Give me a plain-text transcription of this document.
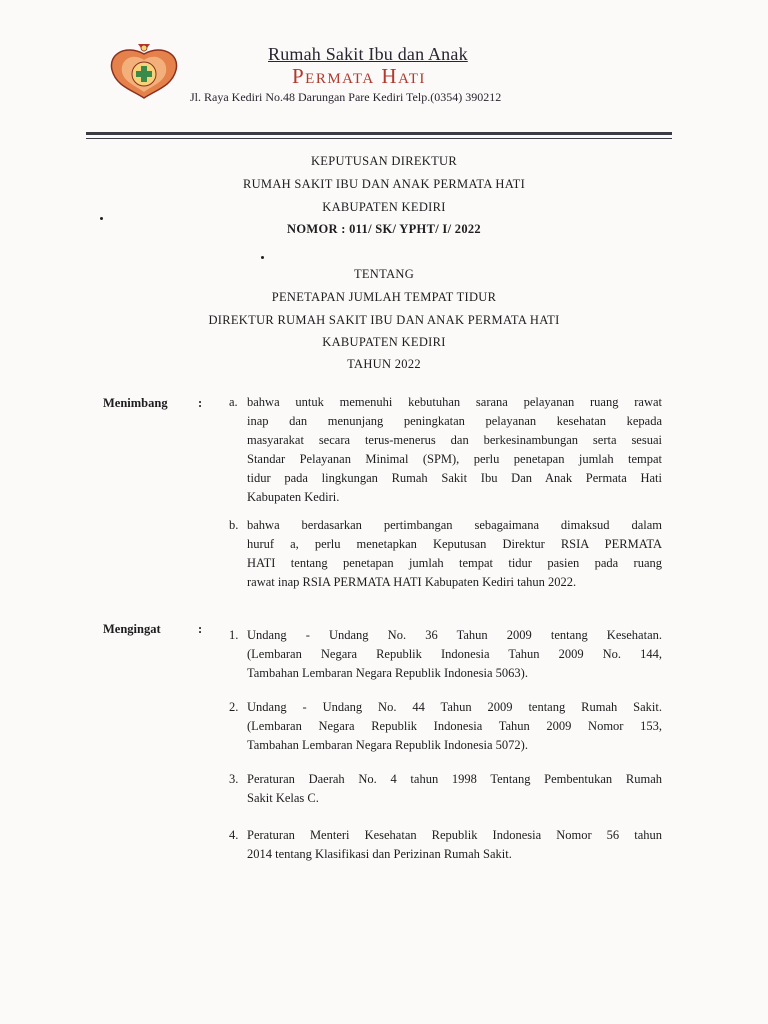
Rumah Sakit Ibu dan Anak
Permata Hati
Jl. Raya Kediri No.48 Darungan Pare Kediri Telp.(0354) 390212
KEPUTUSAN DIREKTUR
RUMAH SAKIT IBU DAN ANAK PERMATA HATI
KABUPATEN KEDIRI
NOMOR : 011/ SK/ YPHT/ I/ 2022
TENTANG
PENETAPAN JUMLAH TEMPAT TIDUR
DIREKTUR RUMAH SAKIT IBU DAN ANAK PERMATA HATI
KABUPATEN KEDIRI
TAHUN 2022
Menimbang : a. bahwa untuk memenuhi kebutuhan sarana pelayanan ruang rawat
inap dan menunjang peningkatan pelayanan kesehatan kepada
masyarakat secara terus-menerus dan berkesinambungan serta sesuai
Standar Pelayanan Minimal (SPM), perlu penetapan jumlah tempat
tidur pada lingkungan Rumah Sakit Ibu Dan Anak Permata Hati
Kabupaten Kediri.
b. bahwa berdasarkan pertimbangan sebagaimana dimaksud dalam
huruf a, perlu menetapkan Keputusan Direktur RSIA PERMATA
HATI tentang penetapan jumlah tempat tidur pasien pada ruang
rawat inap RSIA PERMATA HATI Kabupaten Kediri tahun 2022.
Mengingat	: 1. Undang - Undang No. 36 Tahun 2009 tentang Kesehatan.
(Lembaran Negara Republik Indonesia Tahun 2009 No. 144,
Tambahan Lembaran Negara Republik Indonesia 5063).
2. Undang - Undang No. 44 Tahun 2009 tentang Rumah Sakit.
(Lembaran Negara Republik Indonesia Tahun 2009 Nomor 153,
Tambahan Lembaran Negara Republik Indonesia 5072).
3. Peraturan Daerah No. 4 tahun 1998 Tentang Pembentukan Rumah
Sakit Kelas C.
4. Peraturan Menteri Kesehatan Republik Indonesia Nomor 56 tahun
2014 tentang Klasifikasi dan Perizinan Rumah Sakit.
